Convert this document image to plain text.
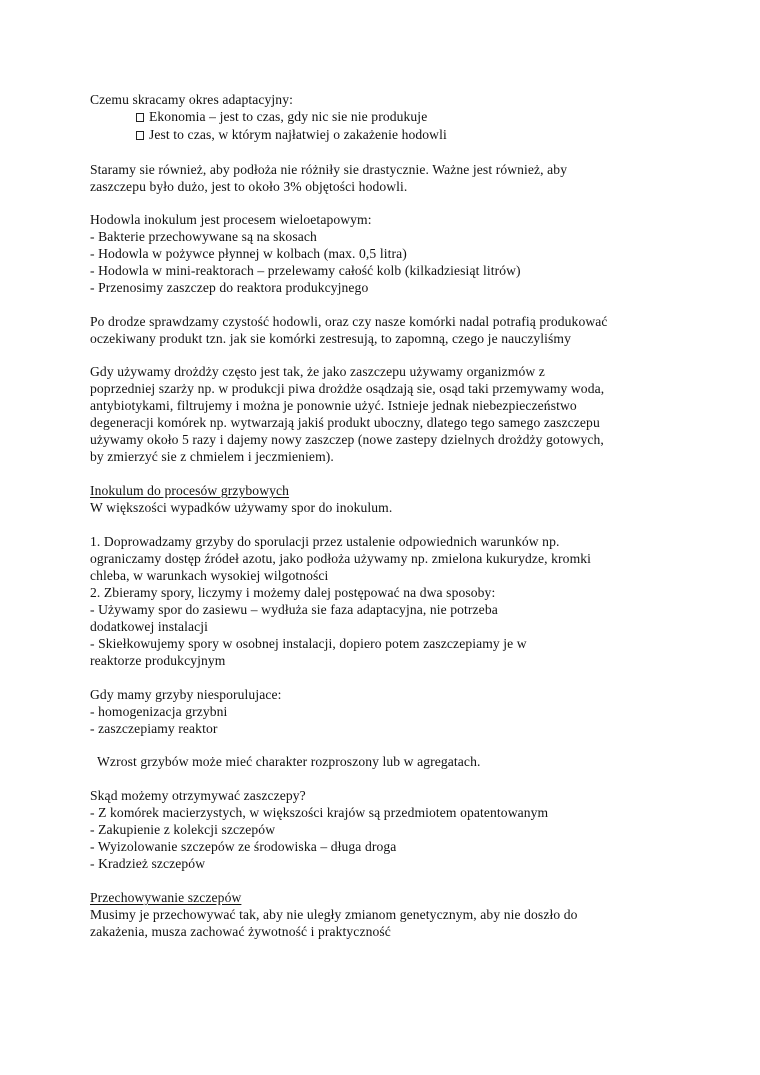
Czemu skracamy okres adaptacyjny:
Ekonomia – jest to czas, gdy nic sie nie produkuje
Jest to czas, w którym najłatwiej o zakażenie hodowli
Staramy sie również, aby podłoża nie różniły sie drastycznie. Ważne jest również, aby
zaszczepu było dużo, jest to około 3% objętości hodowli.
Hodowla inokulum jest procesem wieloetapowym:
- Bakterie przechowywane są na skosach
- Hodowla w pożywce płynnej w kolbach (max. 0,5 litra)
- Hodowla w mini-reaktorach – przelewamy całość kolb (kilkadziesiąt litrów)
- Przenosimy zaszczep do reaktora produkcyjnego
Po drodze sprawdzamy czystość hodowli, oraz czy nasze komórki nadal potrafią produkować
oczekiwany produkt tzn. jak sie komórki zestresują, to zapomną, czego je nauczyliśmy
Gdy używamy drożdży często jest tak, że jako zaszczepu używamy organizmów z
poprzedniej szarży np. w produkcji piwa drożdże osądzają sie, osąd taki przemywamy woda,
antybiotykami, filtrujemy i można je ponownie użyć. Istnieje jednak niebezpieczeństwo
degeneracji komórek np. wytwarzają jakiś produkt uboczny, dlatego tego samego zaszczepu
używamy około 5 razy i dajemy nowy zaszczep (nowe zastepy dzielnych drożdży gotowych,
by zmierzyć sie z chmielem i jeczmieniem).
Inokulum do procesów grzybowych
W większości wypadków używamy spor do inokulum.
1. Doprowadzamy grzyby do sporulacji przez ustalenie odpowiednich warunków np.
ograniczamy dostęp źródeł azotu, jako podłoża używamy np. zmielona kukurydze, kromki
chleba, w warunkach wysokiej wilgotności
2. Zbieramy spory, liczymy i możemy dalej postępować na dwa sposoby:
- Używamy spor do zasiewu – wydłuża sie faza adaptacyjna, nie potrzeba
dodatkowej instalacji
- Skiełkowujemy spory w osobnej instalacji, dopiero potem zaszczepiamy je w
reaktorze produkcyjnym
Gdy mamy grzyby niesporulujace:
- homogenizacja grzybni
- zaszczepiamy reaktor
Wzrost grzybów może mieć charakter rozproszony lub w agregatach.
Skąd możemy otrzymywać zaszczepy?
- Z komórek macierzystych, w większości krajów są przedmiotem opatentowanym
- Zakupienie z kolekcji szczepów
- Wyizolowanie szczepów ze środowiska – długa droga
- Kradzież szczepów
Przechowywanie szczepów
Musimy je przechowywać tak, aby nie uległy zmianom genetycznym, aby nie doszło do
zakażenia, musza zachować żywotność i praktyczność
